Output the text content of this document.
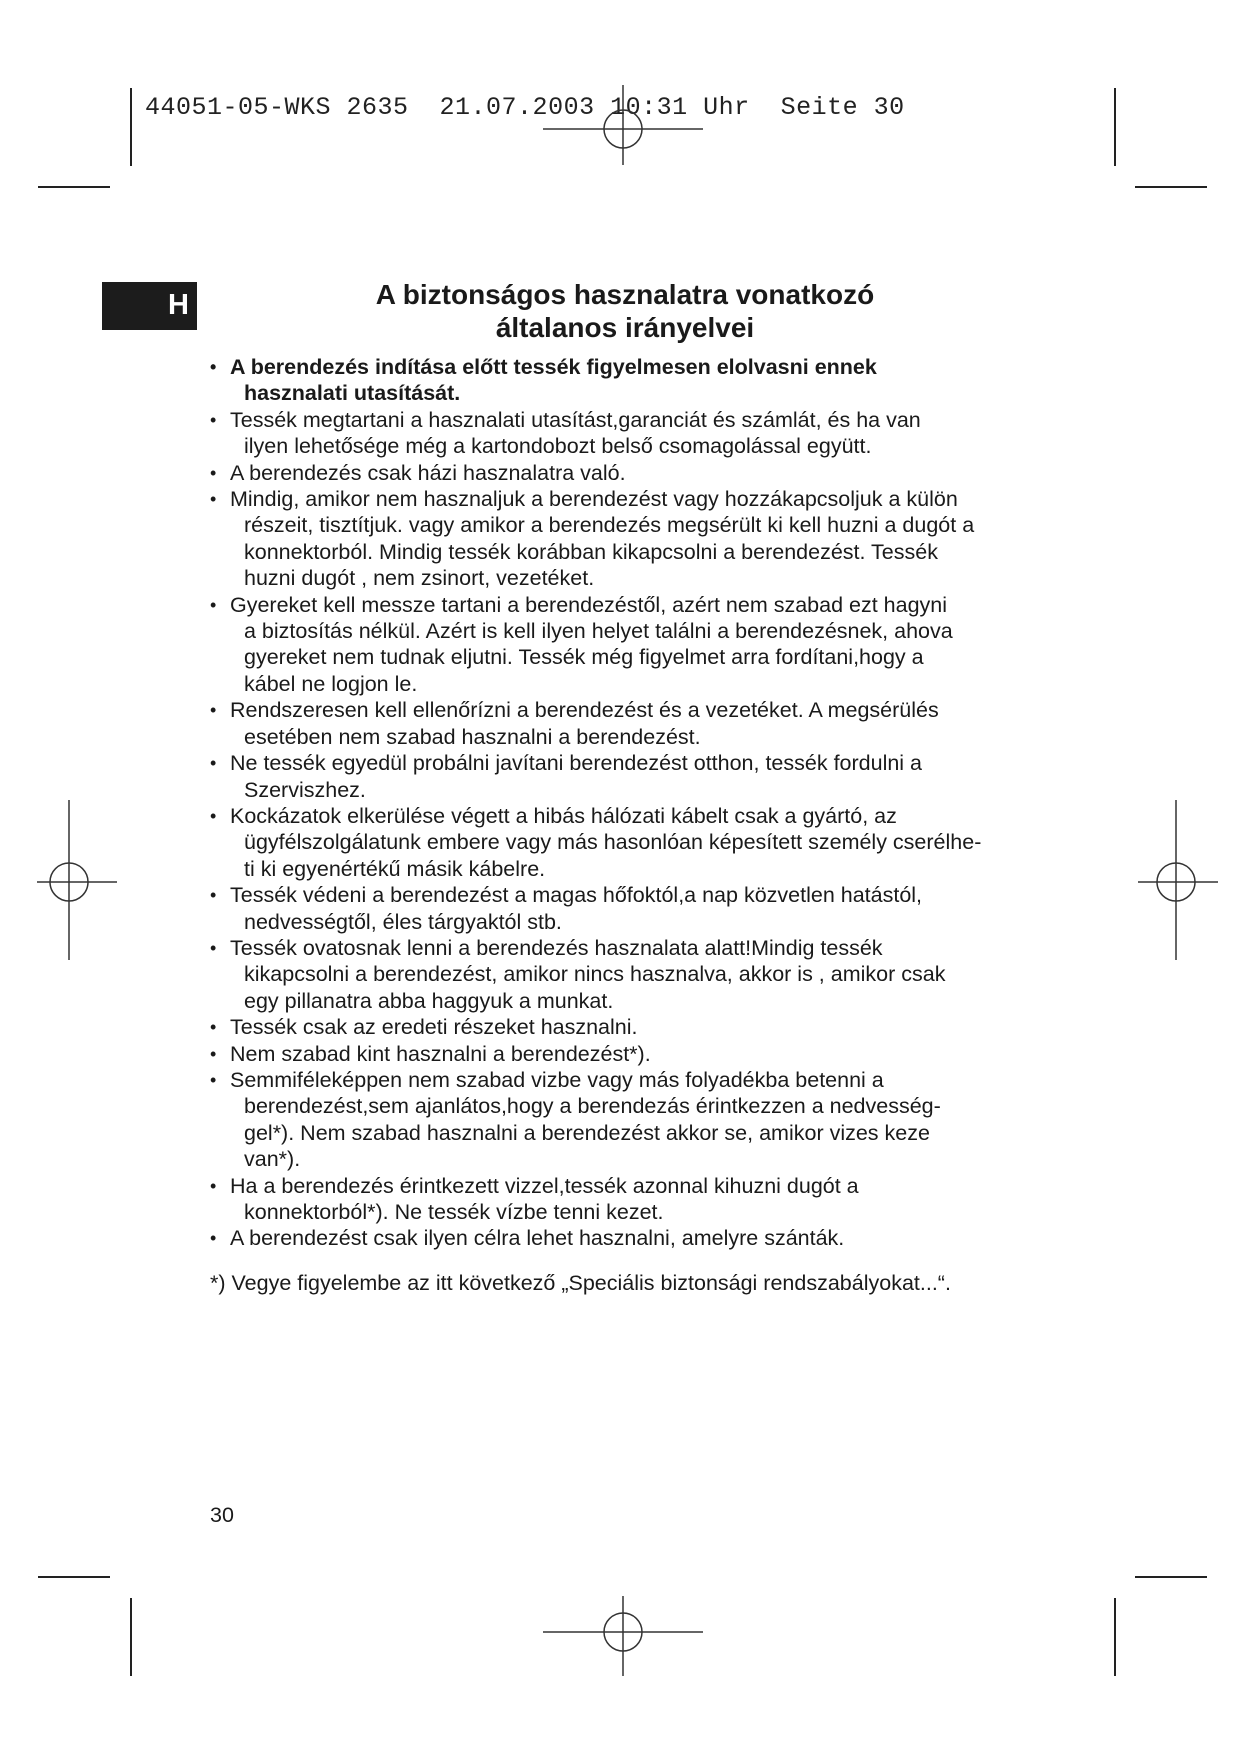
44051-05-WKS 2635  21.07.2003 10:31 Uhr  Seite 30
H	A biztonságos hasznalatra vonatkozó
általanos irányelvei
• A berendezés indítása előtt tessék figyelmesen elolvasni ennek
hasznalati utasítását.
• Tessék megtartani a hasznalati utasítást,garanciát és számlát, és ha van
ilyen lehetősége még a kartondobozt belső csomagolással együtt.
• A berendezés csak házi hasznalatra való.
• Mindig, amikor nem hasznaljuk a berendezést vagy hozzákapcsoljuk a külön
részeit, tisztítjuk. vagy amikor a berendezés megsérült ki kell huzni a dugót a
konnektorból. Mindig tessék korábban kikapcsolni a berendezést. Tessék
huzni dugót , nem zsinort, vezetéket.
• Gyereket kell messze tartani a berendezéstől, azért nem szabad ezt hagyni
a biztosítás nélkül. Azért is kell ilyen helyet találni a berendezésnek, ahova
gyereket nem tudnak eljutni. Tessék még figyelmet arra fordítani,hogy a
kábel ne logjon le.
• Rendszeresen kell ellenőrízni a berendezést és a vezetéket. A megsérülés
esetében nem szabad hasznalni a berendezést.
• Ne tessék egyedül probálni javítani berendezést otthon, tessék fordulni a
Szerviszhez.
• Kockázatok elkerülése végett a hibás hálózati kábelt csak a gyártó, az
ügyfélszolgálatunk embere vagy más hasonlóan képesített személy cserélhe-
ti ki egyenértékű másik kábelre.
• Tessék védeni a berendezést a magas hőfoktól,a nap közvetlen hatástól,
nedvességtől, éles tárgyaktól stb.
• Tessék ovatosnak lenni a berendezés hasznalata alatt!Mindig tessék
kikapcsolni a berendezést, amikor nincs hasznalva, akkor is , amikor csak
egy pillanatra abba haggyuk a munkat.
• Tessék csak az eredeti részeket hasznalni.
• Nem szabad kint hasznalni a berendezést*).
• Semmiféleképpen nem szabad vizbe vagy más folyadékba betenni a
berendezést,sem ajanlátos,hogy a berendezás érintkezzen a nedvesség-
gel*). Nem szabad hasznalni a berendezést akkor se, amikor vizes keze
van*).
• Ha a berendezés érintkezett vizzel,tessék azonnal kihuzni dugót a
konnektorból*). Ne tessék vízbe tenni kezet.
• A berendezést csak ilyen célra lehet hasznalni, amelyre szánták.
*) Vegye figyelembe az itt következő „Speciális biztonsági rendszabályokat...“.
30
